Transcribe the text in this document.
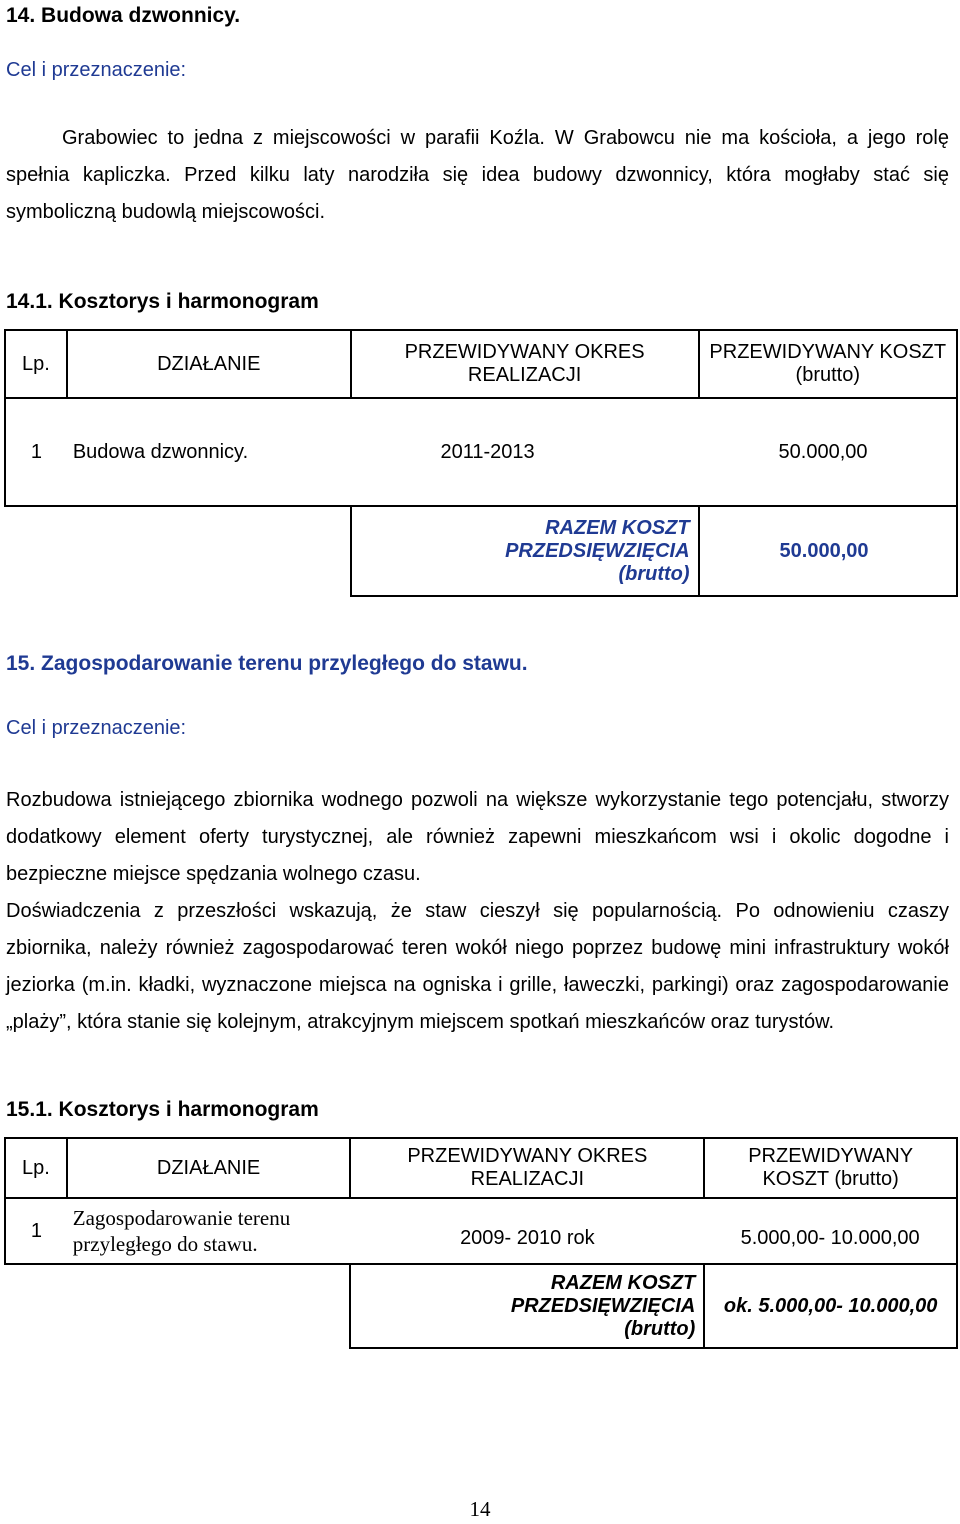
14. Budowa dzwonnicy.
Cel i przeznaczenie:
Grabowiec to jedna z miejscowości w parafii Koźla. W Grabowcu nie ma kościoła, a jego rolę
spełnia kapliczka. Przed kilku laty narodziła się idea budowy dzwonnicy, która mogłaby stać się
symboliczną budowlą miejscowości.
14.1. Kosztorys i harmonogram
Lp.	DZIAŁANIE	PRZEWIDYWANY OKRES REALIZACJI	PRZEWIDYWANY KOSZT (brutto)
1	Budowa dzwonnicy.	2011-2013	50.000,00
		RAZEM KOSZT PRZEDSIĘWZIĘCIA (brutto)	50.000,00
15. Zagospodarowanie terenu przyległego do stawu.
Cel i przeznaczenie:
Rozbudowa istniejącego zbiornika wodnego pozwoli na większe wykorzystanie tego potencjału, stworzy dodatkowy element oferty turystycznej, ale również zapewni mieszkańcom wsi i okolic dogodne i bezpieczne miejsce spędzania wolnego czasu.
Doświadczenia z przeszłości wskazują, że staw cieszył się popularnością. Po odnowieniu czaszy zbiornika, należy również zagospodarować teren wokół niego poprzez budowę mini infrastruktury wokół jeziorka (m.in. kładki, wyznaczone miejsca na ogniska i grille, ławeczki, parkingi) oraz zagospodarowanie „plaży”, która stanie się kolejnym, atrakcyjnym miejscem spotkań mieszkańców oraz turystów.
15.1. Kosztorys i harmonogram
Lp.	DZIAŁANIE	PRZEWIDYWANY OKRES REALIZACJI	PRZEWIDYWANY KOSZT (brutto)
1	Zagospodarowanie terenu przyległego do stawu.	2009- 2010 rok	5.000,00- 10.000,00
		RAZEM KOSZT PRZEDSIĘWZIĘCIA (brutto)	ok. 5.000,00- 10.000,00
14
